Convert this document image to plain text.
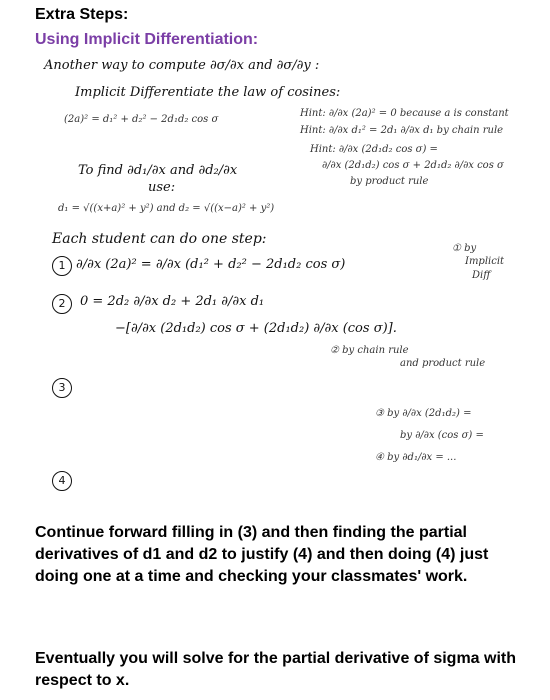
Extra Steps:
Using Implicit Differentiation:
Another way to compute ∂σ/∂x and ∂σ/∂y :
Implicit Differentiate the law of cosines:
(2a)² = d₁² + d₂² − 2d₁d₂ cos σ
Hint: ∂/∂x (2a)² = 0 because a is constant
Hint: ∂/∂x d₁² = 2d₁ ∂/∂x d₁ by chain rule
Hint: ∂/∂x (2d₁d₂ cos σ) =
∂/∂x (2d₁d₂) cos σ + 2d₁d₂ ∂/∂x cos σ
by product rule
To find ∂d₁/∂x and ∂d₂/∂x
use:
d₁ = √((x+a)² + y²) and d₂ = √((x−a)² + y²)
Each student can do one step:
1 ∂/∂x (2a)² = ∂/∂x (d₁² + d₂² − 2d₁d₂ cos σ)
① by
Implicit
Diff
2	0 = 2d₂ ∂/∂x d₂ + 2d₁ ∂/∂x d₁
−[∂/∂x (2d₁d₂) cos σ + (2d₁d₂) ∂/∂x (cos σ)].
② by chain rule
and product rule
3
4
③ by ∂/∂x (2d₁d₂) =
by ∂/∂x (cos σ) =
④ by ∂d₁/∂x = ...
Continue forward filling in (3) and then finding the partial derivatives of d1 and d2 to justify (4) and then doing (4) just doing one at a time and checking your classmates' work.
Eventually you will solve for the partial derivative of sigma with respect to x.
